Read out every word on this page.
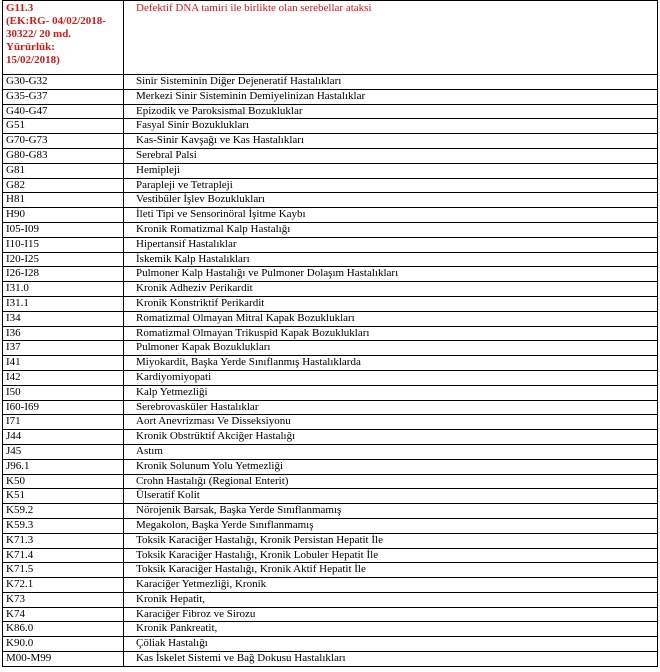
G11.3
(EK:RG- 04/02/2018-
30322/ 20 md.
Yürürlük:
15/02/2018)	Defektif DNA tamiri ile birlikte olan serebellar ataksi
G30-G32	Sinir Sisteminin Diğer Dejeneratif Hastalıkları
G35-G37	Merkezi Sinir Sisteminin Demiyelinizan Hastalıklar
G40-G47	Epizodik ve Paroksismal Bozukluklar
G51	Fasyal Sinir Bozuklukları
G70-G73	Kas-Sinir Kavşağı ve Kas Hastalıkları
G80-G83	Serebral Palsi
G81	Hemipleji
G82	Parapleji ve Tetrapleji
H81	Vestibüler İşlev Bozuklukları
H90	İleti Tipi ve Sensorinöral İşitme Kaybı
I05-I09	Kronik Romatizmal Kalp Hastalığı
I10-I15	Hipertansif Hastalıklar
I20-I25	İskemik Kalp Hastalıkları
I26-I28	Pulmoner Kalp Hastalığı ve Pulmoner Dolaşım Hastalıkları
I31.0	Kronik Adheziv Perikardit
I31.1	Kronik Konstriktif Perikardit
I34	Romatizmal Olmayan Mitral Kapak Bozuklukları
I36	Romatizmal Olmayan Trikuspid Kapak Bozuklukları
I37	Pulmoner Kapak Bozuklukları
I41	Miyokardit, Başka Yerde Sınıflanmış Hastalıklarda
I42	Kardiyomiyopati
I50	Kalp Yetmezliği
I60-I69	Serebrovasküler Hastalıklar
I71	Aort Anevrizması Ve Disseksiyonu
J44	Kronik Obstrüktif Akciğer Hastalığı
J45	Astım
J96.1	Kronik Solunum Yolu Yetmezliği
K50	Crohn Hastalığı (Regional Enterit)
K51	Ülseratif Kolit
K59.2	Nörojenik Barsak, Başka Yerde Sınıflanmamış
K59.3	Megakolon, Başka Yerde Sınıflanmamış
K71.3	Toksik Karaciğer Hastalığı, Kronik Persistan Hepatit İle
K71.4	Toksik Karaciğer Hastalığı, Kronik Lobuler Hepatit İle
K71.5	Toksik Karaciğer Hastalığı, Kronik Aktif Hepatit İle
K72.1	Karaciğer Yetmezliği, Kronik
K73	Kronik Hepatit,
K74	Karaciğer Fibroz ve Sirozu
K86.0	Kronik Pankreatit,
K90.0	Çöliak Hastalığı
M00-M99	Kas İskelet Sistemi ve Bağ Dokusu Hastalıkları
